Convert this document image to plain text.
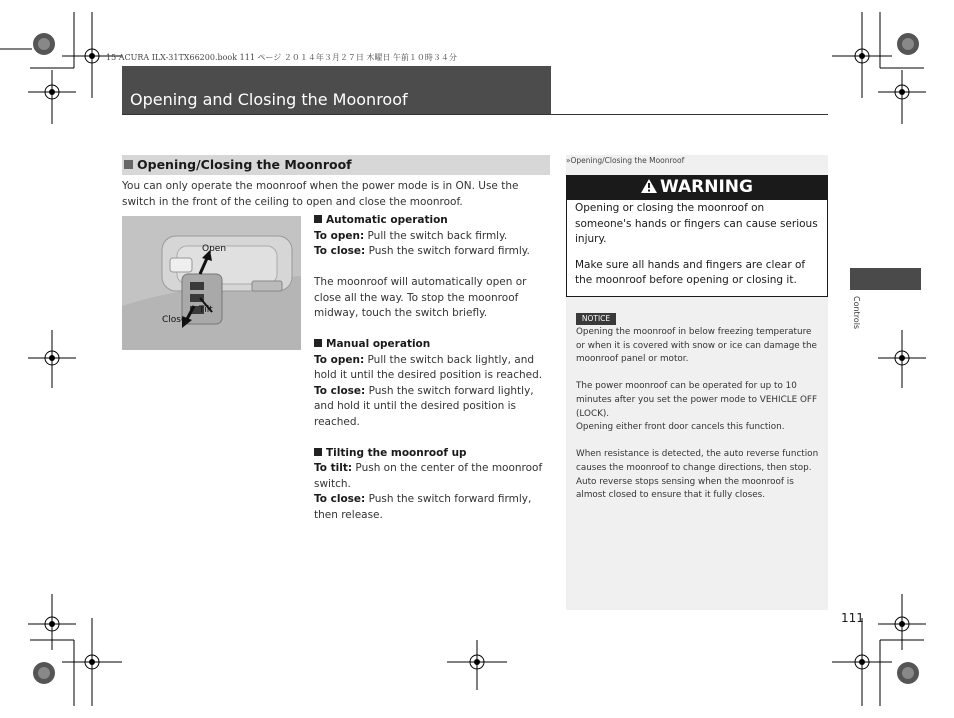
15 ACURA ILX-31TX66200.book 111 ページ ２０１４年３月２７日 木曜日 午前１０時３４分
Opening and Closing the Moonroof
Opening/Closing the Moonroof
You can only operate the moonroof when the power mode is in ON. Use the switch in the front of the ceiling to open and close the moonroof.
Open
Tilt
Close

Automatic operation

To open: Pull the switch back firmly.

To close: Push the switch forward firmly.

The moonroof will automatically open or close all the way. To stop the moonroof midway, touch the switch briefly.

Manual operation

To open: Pull the switch back lightly, and hold it until the desired position is reached.

To close: Push the switch forward lightly, and hold it until the desired position is reached.

Tilting the moonroof up

To tilt: Push on the center of the moonroof switch.

To close: Push the switch forward firmly, then release.

»Opening/Closing the Moonroof
WARNING

Opening or closing the moonroof on someone's hands or fingers can cause serious injury.

Make sure all hands and fingers are clear of the moonroof before opening or closing it.

NOTICE

Opening the moonroof in below freezing temperature or when it is covered with snow or ice can damage the moonroof panel or motor.

The power moonroof can be operated for up to 10 minutes after you set the power mode to VEHICLE OFF (LOCK).

Opening either front door cancels this function.

When resistance is detected, the auto reverse function causes the moonroof to change directions, then stop. Auto reverse stops sensing when the moonroof is almost closed to ensure that it fully closes.

Controls
111
